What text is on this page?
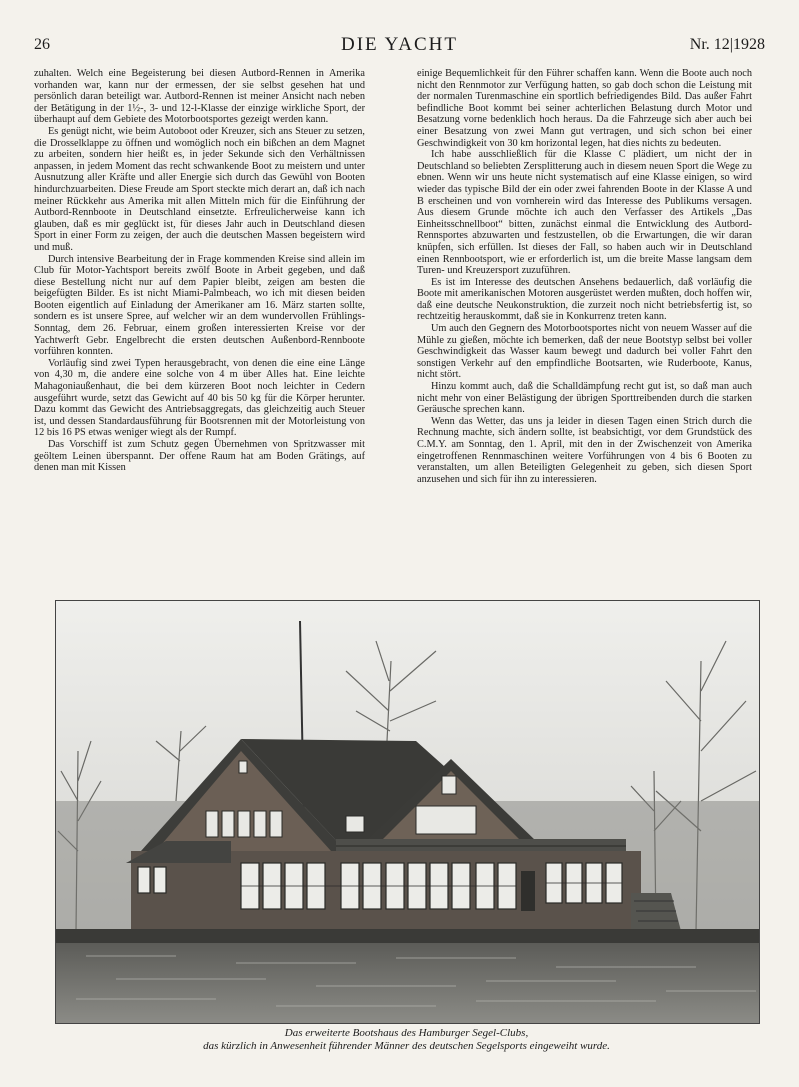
26	DIE YACHT	Nr. 12|1928

zuhalten. Welch eine Begeisterung bei diesen Autbord-Rennen in Amerika vorhanden war, kann nur der ermessen, der sie selbst gesehen hat und persönlich daran beteiligt war. Autbord-Rennen ist meiner Ansicht nach neben der Betätigung in der 1½-, 3- und 12-l-Klasse der einzige wirkliche Sport, der überhaupt auf dem Gebiete des Motorbootsportes gezeigt werden kann.

Es genügt nicht, wie beim Autoboot oder Kreuzer, sich ans Steuer zu setzen, die Drosselklappe zu öffnen und womöglich noch ein bißchen an dem Magnet zu arbeiten, sondern hier heißt es, in jeder Sekunde sich den Verhältnissen anpassen, in jedem Moment das recht schwankende Boot zu meistern und unter Ausnutzung aller Kräfte und aller Energie sich durch das Gewühl von Booten hindurchzuarbeiten. Diese Freude am Sport steckte mich derart an, daß ich nach meiner Rückkehr aus Amerika mit allen Mitteln mich für die Einführung der Autbord-Rennboote in Deutschland einsetzte. Erfreulicherweise kann ich glauben, daß es mir geglückt ist, für dieses Jahr auch in Deutschland diesen Sport in einer Form zu zeigen, der auch die deutschen Massen begeistern wird und muß.

Durch intensive Bearbeitung der in Frage kommenden Kreise sind allein im Club für Motor-Yachtsport bereits zwölf Boote in Arbeit gegeben, und daß diese Bestellung nicht nur auf dem Papier bleibt, zeigen am besten die beigefügten Bilder. Es ist nicht Miami-Palmbeach, wo ich mit diesen beiden Booten eigentlich auf Einladung der Amerikaner am 16. März starten sollte, sondern es ist unsere Spree, auf welcher wir an dem wundervollen Frühlings-Sonntag, dem 26. Februar, einem großen interessierten Kreise vor der Yachtwerft Gebr. Engelbrecht die ersten deutschen Außenbord-Rennboote vorführen konnten.

Vorläufig sind zwei Typen herausgebracht, von denen die eine eine Länge von 4,30 m, die andere eine solche von 4 m über Alles hat. Eine leichte Mahagoniaußenhaut, die bei dem kürzeren Boot noch leichter in Cedern ausgeführt wurde, setzt das Gewicht auf 40 bis 50 kg für die Körper herunter. Dazu kommt das Gewicht des Antriebsaggregats, das gleichzeitig auch Steuer ist, und dessen Standardausführung für Bootsrennen mit der Motorleistung von 12 bis 16 PS etwas weniger wiegt als der Rumpf.

Das Vorschiff ist zum Schutz gegen Übernehmen von Spritzwasser mit geöltem Leinen überspannt. Der offene Raum hat am Boden Grätings, auf denen man mit Kissen

einige Bequemlichkeit für den Führer schaffen kann. Wenn die Boote auch noch nicht den Rennmotor zur Verfügung hatten, so gab doch schon die Leistung mit der normalen Turenmaschine ein sportlich befriedigendes Bild. Das außer Fahrt befindliche Boot kommt bei seiner achterlichen Belastung durch Motor und Besatzung vorne bedenklich hoch heraus. Da die Fahrzeuge sich aber auch bei einer Besatzung von zwei Mann gut vertragen, und sich schon bei einer Geschwindigkeit von 30 km horizontal legen, hat dies nichts zu bedeuten.

Ich habe ausschließlich für die Klasse C plädiert, um nicht der in Deutschland so beliebten Zersplitterung auch in diesem neuen Sport die Wege zu ebnen. Wenn wir uns heute nicht systematisch auf eine Klasse einigen, so wird wieder das typische Bild der ein oder zwei fahrenden Boote in der Klasse A und B erscheinen und von vornherein wird das Interesse des Publikums versagen. Aus diesem Grunde möchte ich auch den Verfasser des Artikels „Das Einheitsschnellboot“ bitten, zunächst einmal die Entwicklung des Autbord-Rennsportes abzuwarten und festzustellen, ob die Erwartungen, die wir daran knüpfen, sich erfüllen. Ist dieses der Fall, so haben auch wir in Deutschland einen Rennbootsport, wie er erforderlich ist, um die breite Masse langsam dem Turen- und Kreuzersport zuzuführen.

Es ist im Interesse des deutschen Ansehens bedauerlich, daß vorläufig die Boote mit amerikanischen Motoren ausgerüstet werden mußten, doch hoffen wir, daß eine deutsche Neukonstruktion, die zurzeit noch nicht betriebsfertig ist, so rechtzeitig herauskommt, daß sie in Konkurrenz treten kann.

Um auch den Gegnern des Motorbootsportes nicht von neuem Wasser auf die Mühle zu gießen, möchte ich bemerken, daß der neue Bootstyp selbst bei voller Geschwindigkeit das Wasser kaum bewegt und dadurch bei voller Fahrt den sonstigen Verkehr auf den empfindliche Bootsarten, wie Ruderboote, Kanus, nicht stört.

Hinzu kommt auch, daß die Schalldämpfung recht gut ist, so daß man auch nicht mehr von einer Belästigung der übrigen Sporttreibenden durch die starken Geräusche sprechen kann.

Wenn das Wetter, das uns ja leider in diesen Tagen einen Strich durch die Rechnung machte, sich ändern sollte, ist beabsichtigt, vor dem Grundstück des C.M.Y. am Sonntag, den 1. April, mit den in der Zwischenzeit von Amerika eingetroffenen Rennmaschinen weitere Vorführungen von 4 bis 6 Booten zu veranstalten, um allen Beteiligten Gelegenheit zu geben, sich diesen Sport anzusehen und sich für ihn zu interessieren.

Das erweiterte Bootshaus des Hamburger Segel-Clubs,
das kürzlich in Anwesenheit führender Männer des deutschen Segelsports eingeweiht wurde.
